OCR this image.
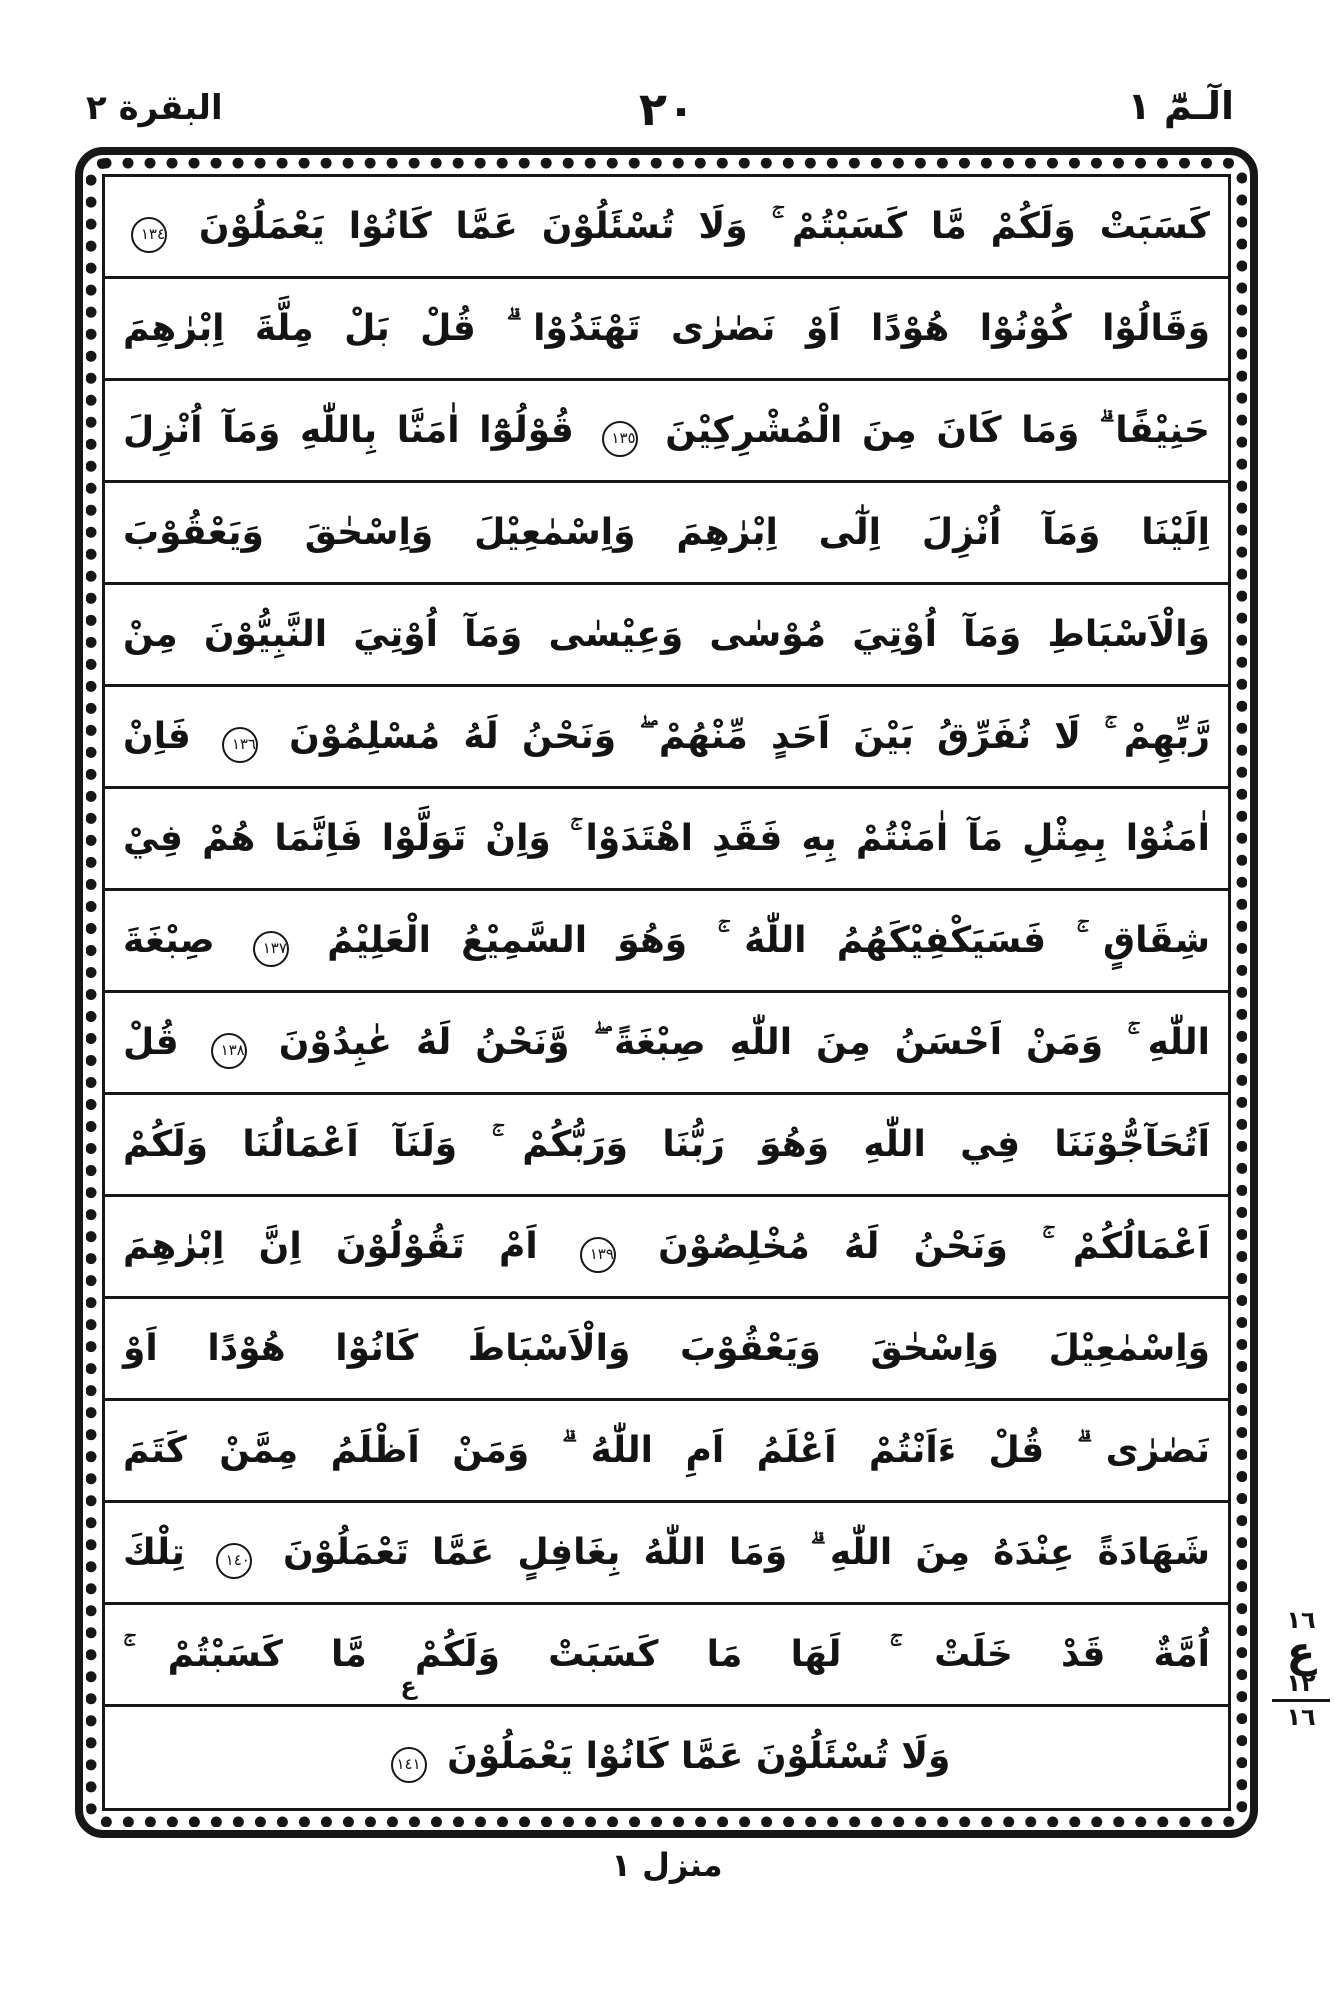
البقرة ٢	٢٠	الٓـمّٓ ١
كَسَبَتْ وَلَكُمْ مَّا كَسَبْتُمْ ۚ وَلَا تُسْئَلُوْنَ عَمَّا كَانُوْا يَعْمَلُوْنَ ١٣٤
وَقَالُوْا كُوْنُوْا هُوْدًا اَوْ نَصٰرٰى تَهْتَدُوْا ۗ قُلْ بَلْ مِلَّةَ اِبْرٰهِمَ
حَنِيْفًا ۗ وَمَا كَانَ مِنَ الْمُشْرِكِيْنَ ١٣٥ قُوْلُوْٓا اٰمَنَّا بِاللّٰهِ وَمَآ اُنْزِلَ
اِلَيْنَا وَمَآ اُنْزِلَ اِلٰٓى اِبْرٰهِمَ وَاِسْمٰعِيْلَ وَاِسْحٰقَ وَيَعْقُوْبَ
وَالْاَسْبَاطِ وَمَآ اُوْتِيَ مُوْسٰى وَعِيْسٰى وَمَآ اُوْتِيَ النَّبِيُّوْنَ مِنْ
رَّبِّهِمْ ۚ لَا نُفَرِّقُ بَيْنَ اَحَدٍ مِّنْهُمْ ۖ وَنَحْنُ لَهُ مُسْلِمُوْنَ ١٣٦ فَاِنْ
اٰمَنُوْا بِمِثْلِ مَآ اٰمَنْتُمْ بِهِ فَقَدِ اهْتَدَوْا ۚ وَاِنْ تَوَلَّوْا فَاِنَّمَا هُمْ فِيْ
شِقَاقٍ ۚ فَسَيَكْفِيْكَهُمُ اللّٰهُ ۚ وَهُوَ السَّمِيْعُ الْعَلِيْمُ ١٣٧ صِبْغَةَ
اللّٰهِ ۚ وَمَنْ اَحْسَنُ مِنَ اللّٰهِ صِبْغَةً ۖ وَّنَحْنُ لَهُ عٰبِدُوْنَ ١٣٨ قُلْ
اَتُحَآجُّوْنَنَا فِي اللّٰهِ وَهُوَ رَبُّنَا وَرَبُّكُمْ ۚ وَلَنَآ اَعْمَالُنَا وَلَكُمْ
اَعْمَالُكُمْ ۚ وَنَحْنُ لَهُ مُخْلِصُوْنَ ١٣٩ اَمْ تَقُوْلُوْنَ اِنَّ اِبْرٰهِمَ
وَاِسْمٰعِيْلَ وَاِسْحٰقَ وَيَعْقُوْبَ وَالْاَسْبَاطَ كَانُوْا هُوْدًا اَوْ
نَصٰرٰى ۗ قُلْ ءَاَنْتُمْ اَعْلَمُ اَمِ اللّٰهُ ۗ وَمَنْ اَظْلَمُ مِمَّنْ كَتَمَ
شَهَادَةً عِنْدَهُ مِنَ اللّٰهِ ۗ وَمَا اللّٰهُ بِغَافِلٍ عَمَّا تَعْمَلُوْنَ ١٤٠ تِلْكَ
اُمَّةٌ قَدْ خَلَتْ ۚ لَهَا مَا كَسَبَتْ وَلَكُمْ مَّا كَسَبْتُمْ ۚ
وَلَا تُسْئَلُوْنَ عَمَّا كَانُوْا يَعْمَلُوْنَ
ع
١٤١
١٦
ع
١٢
١٦
منزل ١
